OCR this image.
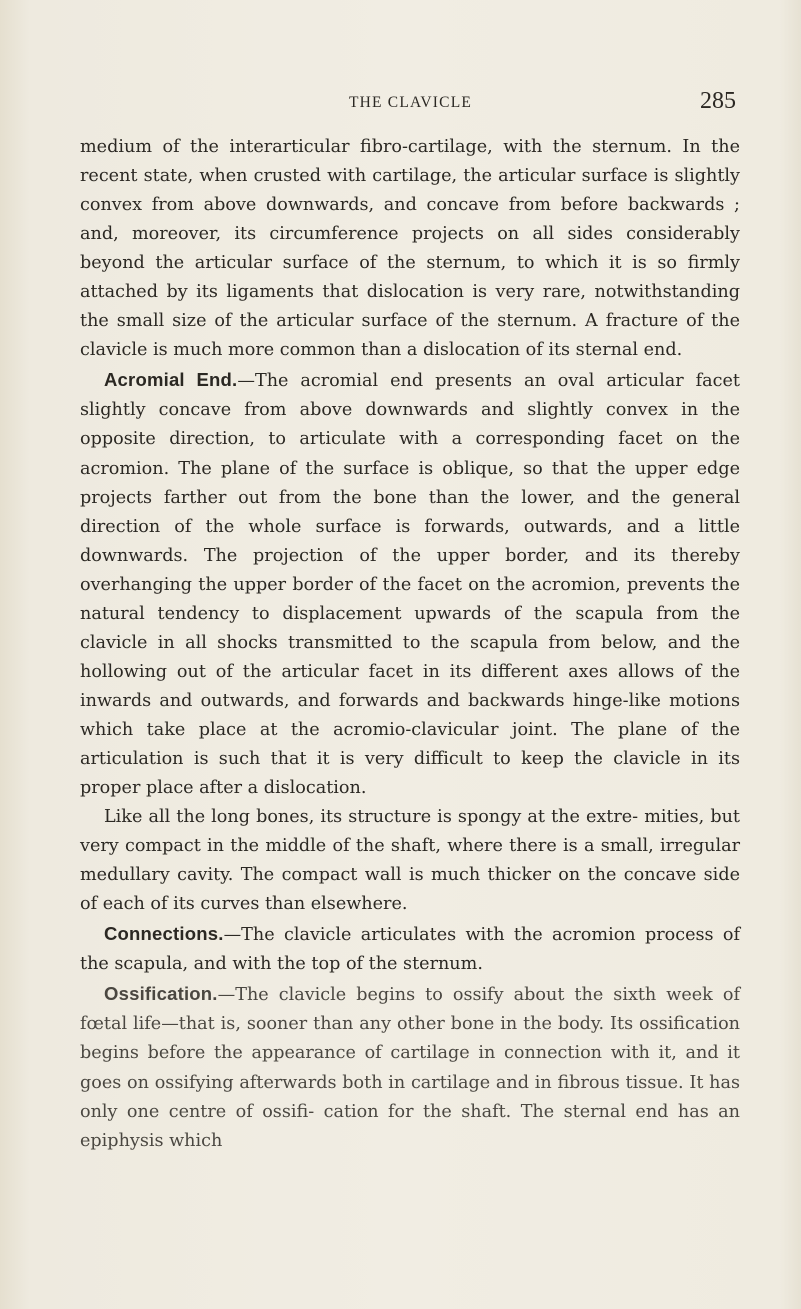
THE CLAVICLE	285

medium of the interarticular fibro-cartilage, with the sternum. In the recent state, when crusted with cartilage, the articular surface is slightly convex from above downwards, and concave from before backwards ; and, moreover, its circumference projects on all sides considerably beyond the articular surface of the sternum, to which it is so firmly attached by its ligaments that dislocation is very rare, notwithstanding the small size of the articular surface of the sternum. A fracture of the clavicle is much more common than a dislocation of its sternal end.

Acromial End.—The acromial end presents an oval articular facet slightly concave from above downwards and slightly convex in the opposite direction, to articulate with a corresponding facet on the acromion. The plane of the surface is oblique, so that the upper edge projects farther out from the bone than the lower, and the general direction of the whole surface is forwards, outwards, and a little downwards. The projection of the upper border, and its thereby overhanging the upper border of the facet on the acromion, prevents the natural tendency to displacement upwards of the scapula from the clavicle in all shocks transmitted to the scapula from below, and the hollowing out of the articular facet in its different axes allows of the inwards and outwards, and forwards and backwards hinge-like motions which take place at the acromio-clavicular joint. The plane of the articulation is such that it is very difficult to keep the clavicle in its proper place after a dislocation.

Like all the long bones, its structure is spongy at the extre- mities, but very compact in the middle of the shaft, where there is a small, irregular medullary cavity. The compact wall is much thicker on the concave side of each of its curves than elsewhere.

Connections.—The clavicle articulates with the acromion process of the scapula, and with the top of the sternum.

Ossification.—The clavicle begins to ossify about the sixth week of fœtal life—that is, sooner than any other bone in the body. Its ossification begins before the appearance of cartilage in connection with it, and it goes on ossifying afterwards both in cartilage and in fibrous tissue. It has only one centre of ossifi- cation for the shaft. The sternal end has an epiphysis which
